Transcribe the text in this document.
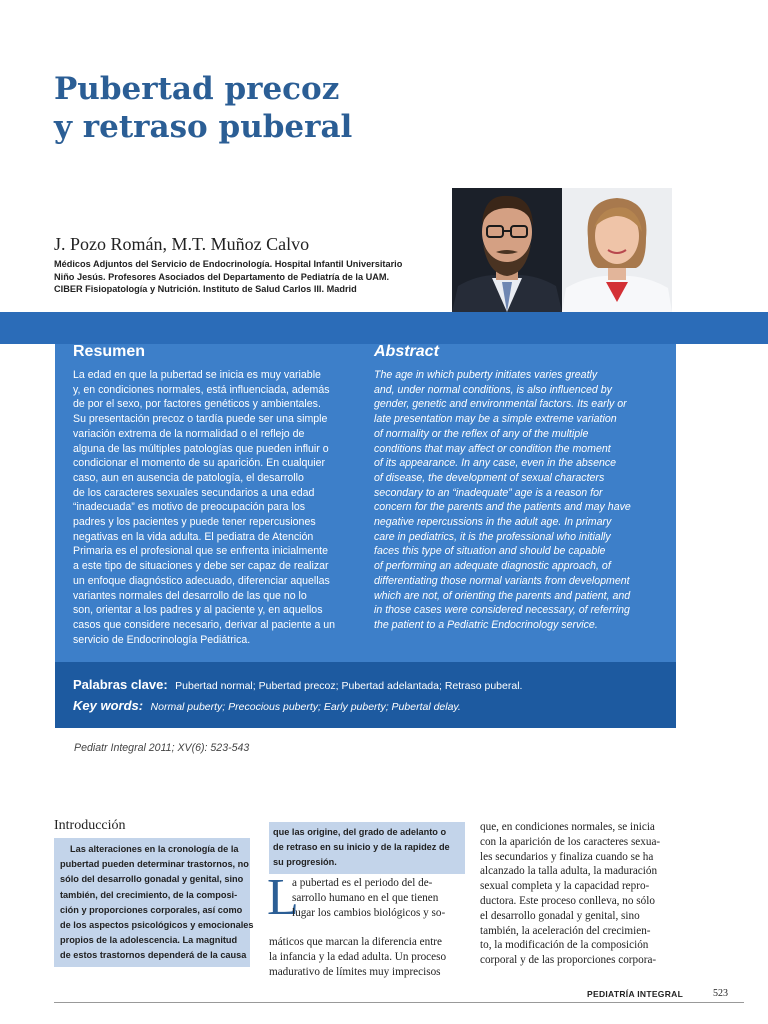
Pubertad precoz
y retraso puberal
J. Pozo Román, M.T. Muñoz Calvo
Médicos Adjuntos del Servicio de Endocrinología. Hospital Infantil Universitario
Niño Jesús. Profesores Asociados del Departamento de Pediatría de la UAM.
CIBER Fisiopatología y Nutrición. Instituto de Salud Carlos III. Madrid
Resumen	Abstract
La edad en que la pubertad se inicia es muy variable
y, en condiciones normales, está influenciada, además
de por el sexo, por factores genéticos y ambientales.
Su presentación precoz o tardía puede ser una simple
variación extrema de la normalidad o el reflejo de
alguna de las múltiples patologías que pueden influir o
condicionar el momento de su aparición. En cualquier
caso, aun en ausencia de patología, el desarrollo
de los caracteres sexuales secundarios a una edad
“inadecuada” es motivo de preocupación para los
padres y los pacientes y puede tener repercusiones
negativas en la vida adulta. El pediatra de Atención
Primaria es el profesional que se enfrenta inicialmente
a este tipo de situaciones y debe ser capaz de realizar
un enfoque diagnóstico adecuado, diferenciar aquellas
variantes normales del desarrollo de las que no lo
son, orientar a los padres y al paciente y, en aquellos
casos que considere necesario, derivar al paciente a un
servicio de Endocrinología Pediátrica.
The age in which puberty initiates varies greatly
and, under normal conditions, is also influenced by
gender, genetic and environmental factors. Its early or
late presentation may be a simple extreme variation
of normality or the reflex of any of the multiple
conditions that may affect or condition the moment
of its appearance. In any case, even in the absence
of disease, the development of sexual characters
secondary to an “inadequate” age is a reason for
concern for the parents and the patients and may have
negative repercussions in the adult age. In primary
care in pediatrics, it is the professional who initially
faces this type of situation and should be capable
of performing an adequate diagnostic approach, of
differentiating those normal variants from development
which are not, of orienting the parents and patient, and
in those cases were considered necessary, of referring
the patient to a Pediatric Endocrinology service.
Palabras clave: Pubertad normal; Pubertad precoz; Pubertad adelantada; Retraso puberal.
Key words: Normal puberty; Precocious puberty; Early puberty; Pubertal delay.
Pediatr Integral 2011; XV(6): 523-543
Introducción
Las alteraciones en la cronología de la
pubertad pueden determinar trastornos, no
sólo del desarrollo gonadal y genital, sino
también, del crecimiento, de la composi-
ción y proporciones corporales, así como
de los aspectos psicológicos y emocionales
propios de la adolescencia. La magnitud
de estos trastornos dependerá de la causa
que las origine, del grado de adelanto o
de retraso en su inicio y de la rapidez de
su progresión.
L
a pubertad es el periodo del de-
sarrollo humano en el que tienen
lugar los cambios biológicos y so-
máticos que marcan la diferencia entre
la infancia y la edad adulta. Un proceso
madurativo de límites muy imprecisos
que, en condiciones normales, se inicia
con la aparición de los caracteres sexua-
les secundarios y finaliza cuando se ha
alcanzado la talla adulta, la maduración
sexual completa y la capacidad repro-
ductora. Este proceso conlleva, no sólo
el desarrollo gonadal y genital, sino
también, la aceleración del crecimien-
to, la modificación de la composición
corporal y de las proporciones corpora-
PEDIATRÍA INTEGRAL	523
